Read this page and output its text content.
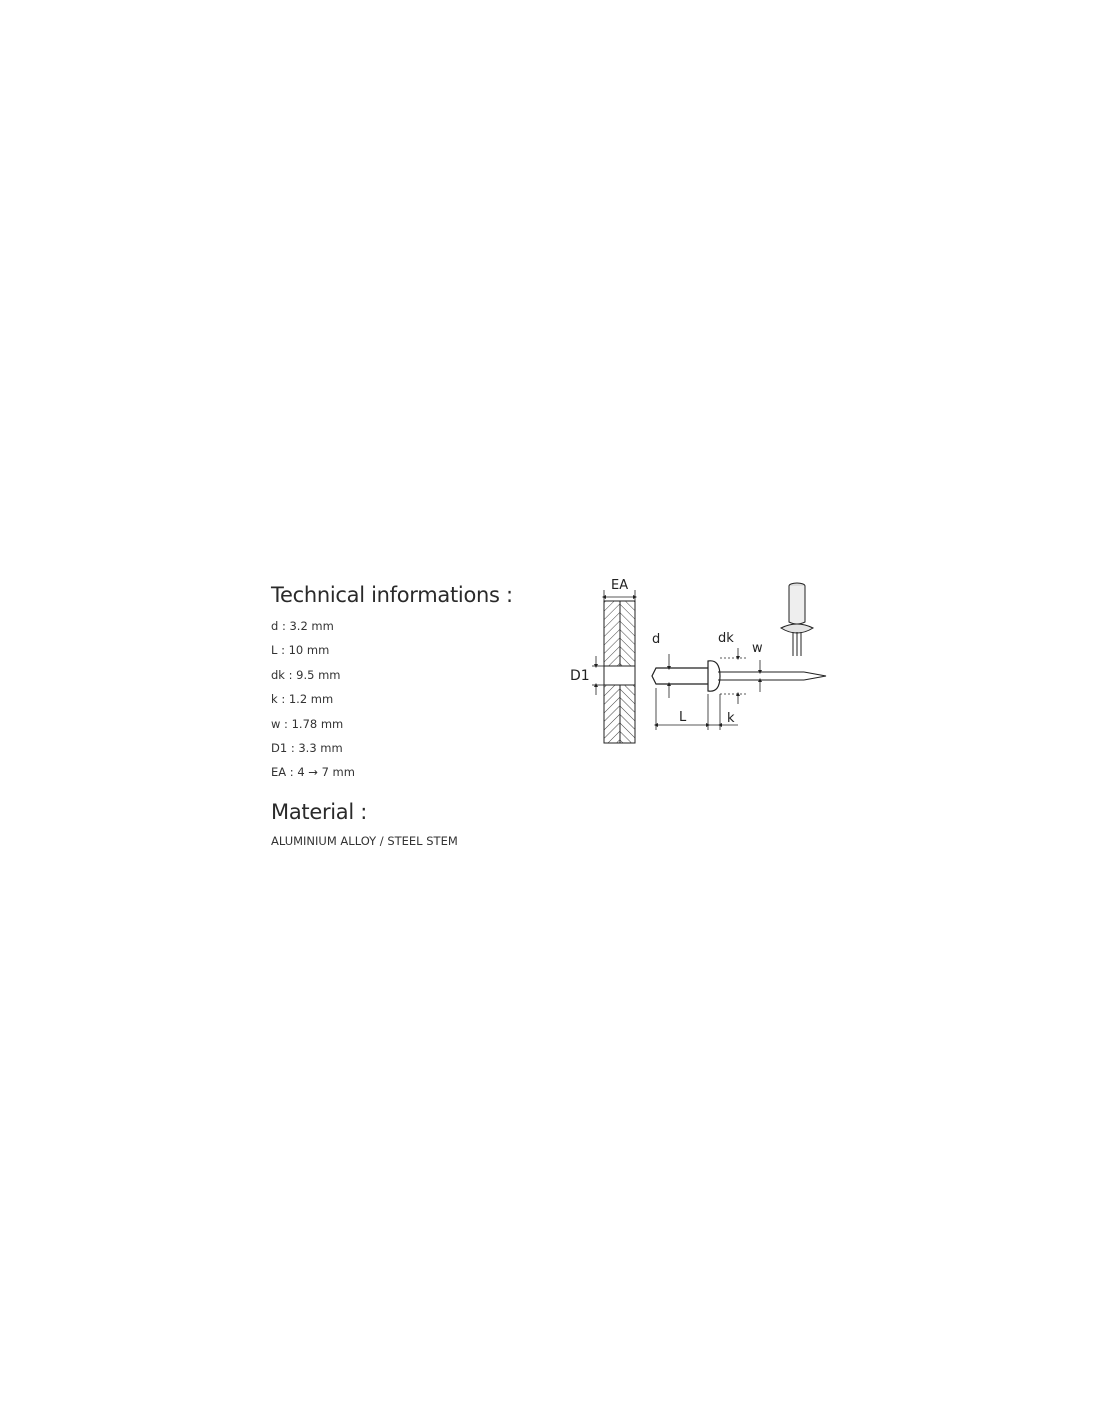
Technical informations :
d : 3.2 mm
L : 10 mm
dk : 9.5 mm
k : 1.2 mm
w : 1.78 mm
D1 : 3.3 mm
EA : 4 → 7 mm
Material :
ALUMINIUM ALLOY / STEEL STEM
EA
D1
d	dk
w
L	k
